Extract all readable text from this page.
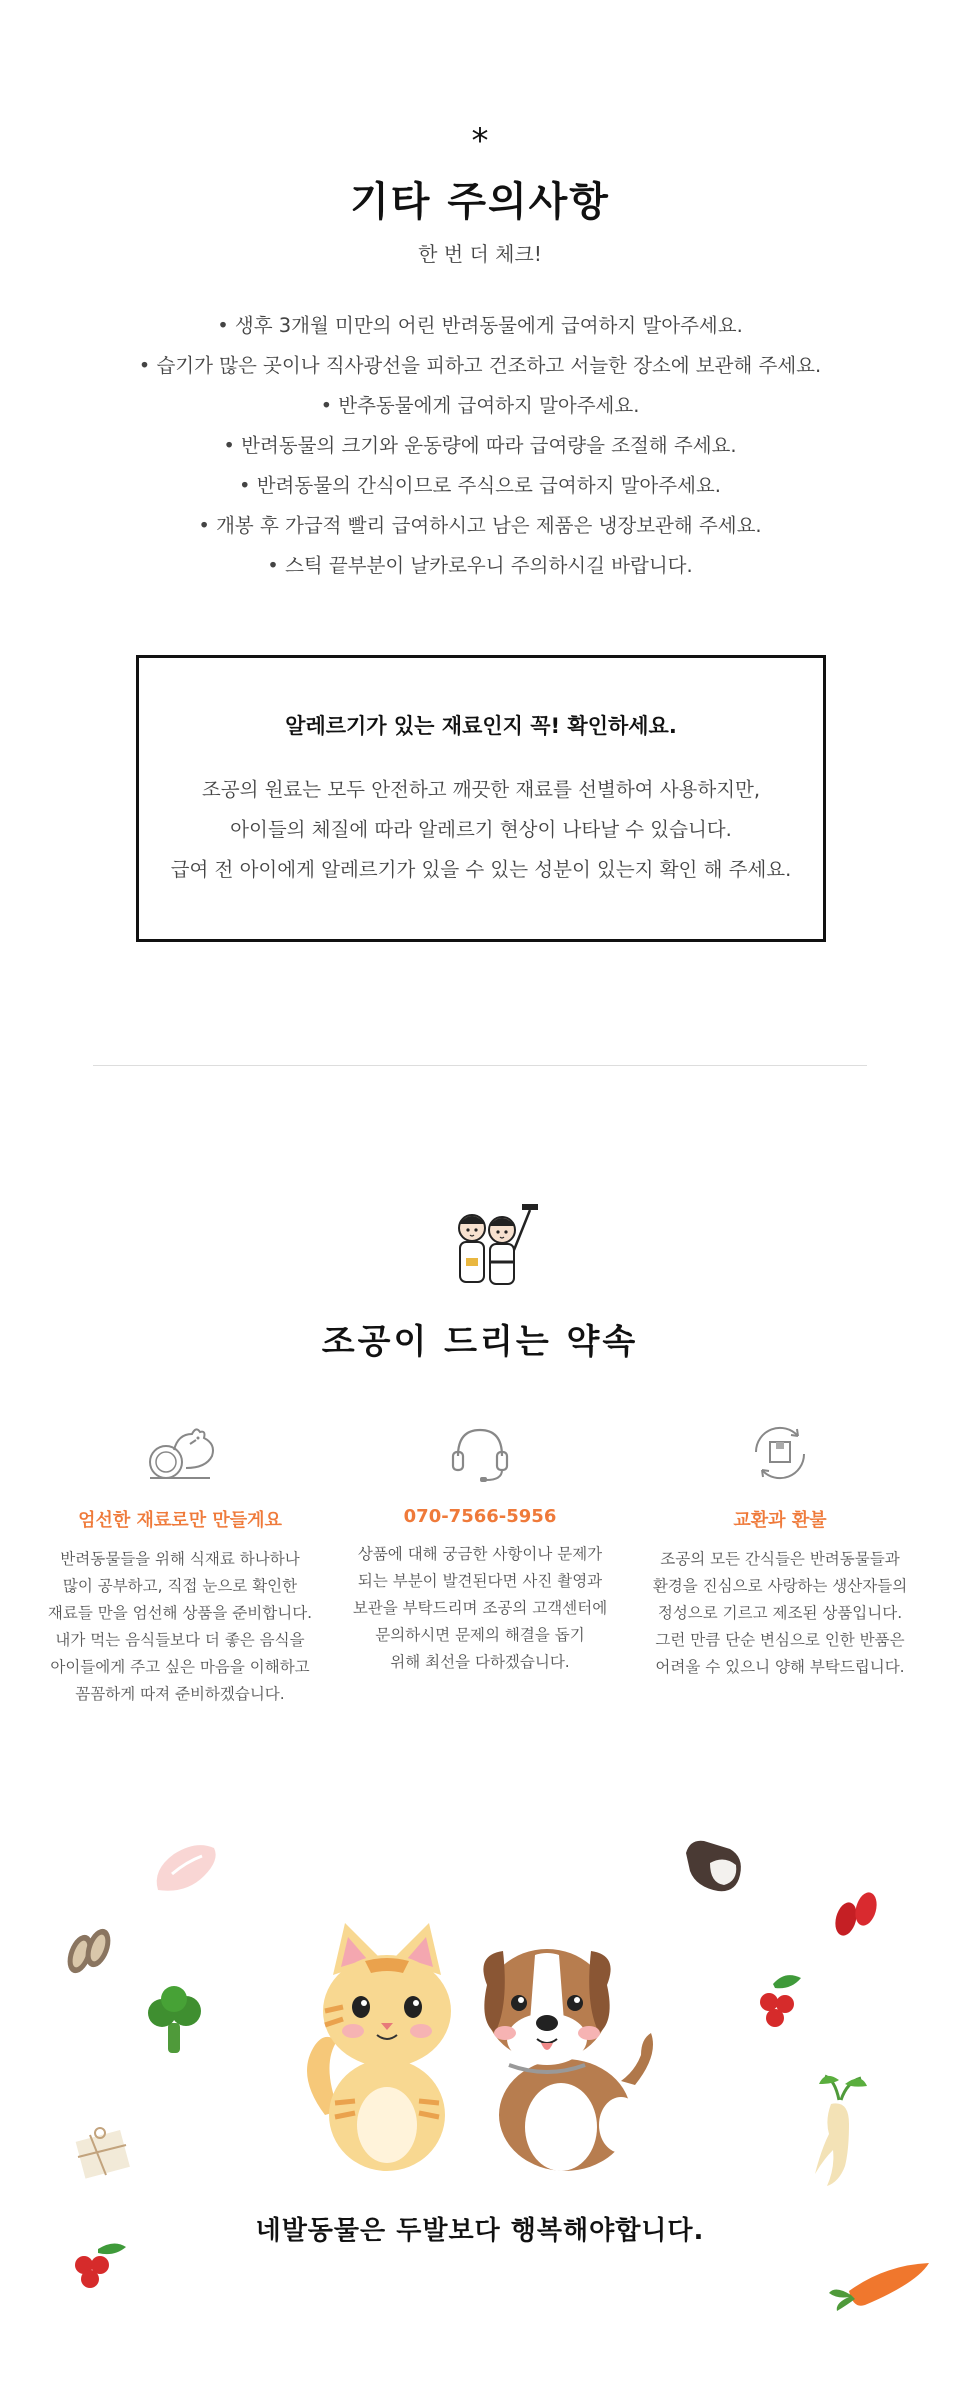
*
기타 주의사항
한 번 더 체크!
• 생후 3개월 미만의 어린 반려동물에게 급여하지 말아주세요.
• 습기가 많은 곳이나 직사광선을 피하고 건조하고 서늘한 장소에 보관해 주세요.
• 반추동물에게 급여하지 말아주세요.
• 반려동물의 크기와 운동량에 따라 급여량을 조절해 주세요.
• 반려동물의 간식이므로 주식으로 급여하지 말아주세요.
• 개봉 후 가급적 빨리 급여하시고 남은 제품은 냉장보관해 주세요.
• 스틱 끝부분이 날카로우니 주의하시길 바랍니다.
알레르기가 있는 재료인지 꼭! 확인하세요.

조공의 원료는 모두 안전하고 깨끗한 재료를 선별하여 사용하지만,

아이들의 체질에 따라 알레르기 현상이 나타날 수 있습니다.

급여 전 아이에게 알레르기가 있을 수 있는 성분이 있는지 확인 해 주세요.

조공이 드리는 약속
엄선한 재료로만 만들게요

반려동물들을 위해 식재료 하나하나

많이 공부하고, 직접 눈으로 확인한

재료들 만을 엄선해 상품을 준비합니다.

내가 먹는 음식들보다 더 좋은 음식을

아이들에게 주고 싶은 마음을 이해하고

꼼꼼하게 따져 준비하겠습니다.

070-7566-5956

상품에 대해 궁금한 사항이나 문제가

되는 부분이 발견된다면 사진 촬영과

보관을 부탁드리며 조공의 고객센터에

문의하시면 문제의 해결을 돕기

위해 최선을 다하겠습니다.

교환과 환불

조공의 모든 간식들은 반려동물들과

환경을 진심으로 사랑하는 생산자들의

정성으로 기르고 제조된 상품입니다.

그런 만큼 단순 변심으로 인한 반품은

어려울 수 있으니 양해 부탁드립니다.

네발동물은 두발보다 행복해야합니다.
